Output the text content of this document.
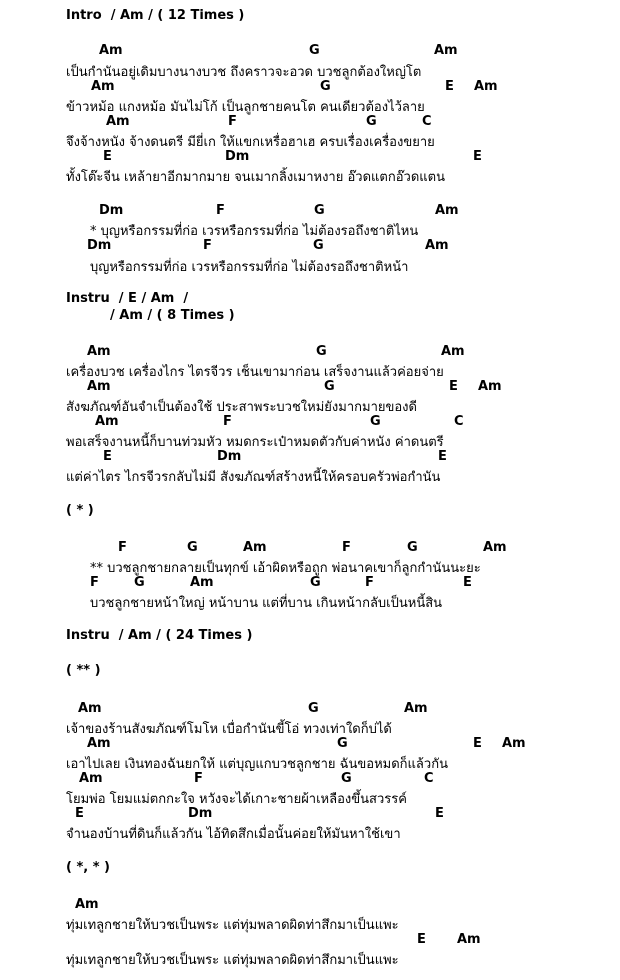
Intro  / Am / ( 12 Times )
Am	G	Am
เป็นกำนันอยู่เดิมบางนางบวช ถึงคราวจะอวด บวชลูกต้องใหญ่โต
Am	G	E Am
ข้าวหม้อ แกงหม้อ มันไม่โก้ เป็นลูกชายคนโต คนเดียวต้องไว้ลาย
Am	F	G	C
จึงจ้างหนัง จ้างดนตรี มียี่เก ให้แขกเหรื่อฮาเฮ ครบเรื่องเครื่องขยาย
E	Dm	E
ทั้งโต๊ะจีน เหล้ายาอีกมากมาย จนเมากลิ้งเมาหงาย อ๊วดแตกอ๊วดแตน
Dm	F	G	Am
* บุญหรือกรรมที่ก่อ เวรหรือกรรมที่ก่อ ไม่ต้องรอถึงชาติไหน
Dm	F	G	Am
บุญหรือกรรมที่ก่อ เวรหรือกรรมที่ก่อ ไม่ต้องรอถึงชาติหน้า
Instru  / E / Am  /
/ Am / ( 8 Times )
Am	G	Am
เครื่องบวช เครื่องไกร ไตรจีวร เช็นเขามาก่อน เสร็จงานแล้วค่อยจ่าย
Am	G	E Am
สังฆภัณฑ์อันจำเป็นต้องใช้ ประสาพระบวชใหม่ยังมากมายของดี
Am	F	G	C
พอเสร็จงานหนี้ก็บานท่วมหัว หมดกระเป๋าหมดตัวกับค่าหนัง ค่าดนตรี
E	Dm	E
แต่ค่าไตร ไกรจีวรกลับไม่มี สังฆภัณฑ์สร้างหนี้ให้ครอบครัวพ่อกำนัน
( * )
F	G	Am	F	G	Am
** บวชลูกชายกลายเป็นทุกข์ เอ้าผิดหรือถูก พ่อนาคเขาก็ลูกกำนันนะยะ
F	G	Am	G	F	E
บวชลูกชายหน้าใหญ่ หน้าบาน แต่ที่บาน เกินหน้ากลับเป็นหนี้สิน
Instru  / Am / ( 24 Times )
( ** )
Am	G	Am
เจ้าของร้านสังฆภัณฑ์โมโห เบื่อกำนันขี้โอ่ ทวงเท่าใดก็บ่ได้
Am	G	E Am
เอาไปเลย เงินทองฉันยกให้ แต่บุญแกบวชลูกชาย ฉันขอหมดก็แล้วกัน
Am	F	G	C
โยมพ่อ โยมแม่ตกกะใจ หวังจะได้เกาะชายผ้าเหลืองขึ้นสวรรค์
E	Dm	E
จำนองบ้านที่ดินก็แล้วกัน ไอ้ทิดสึกเมื่อนั้นค่อยให้มันหาใช้เขา
( *, * )
Am
ทุ่มเทลูกชายให้บวชเป็นพระ แต่ทุ่มพลาดผิดท่าสึกมาเป็นแพะ
E Am
ทุ่มเทลูกชายให้บวชเป็นพระ แต่ทุ่มพลาดผิดท่าสึกมาเป็นแพะ
